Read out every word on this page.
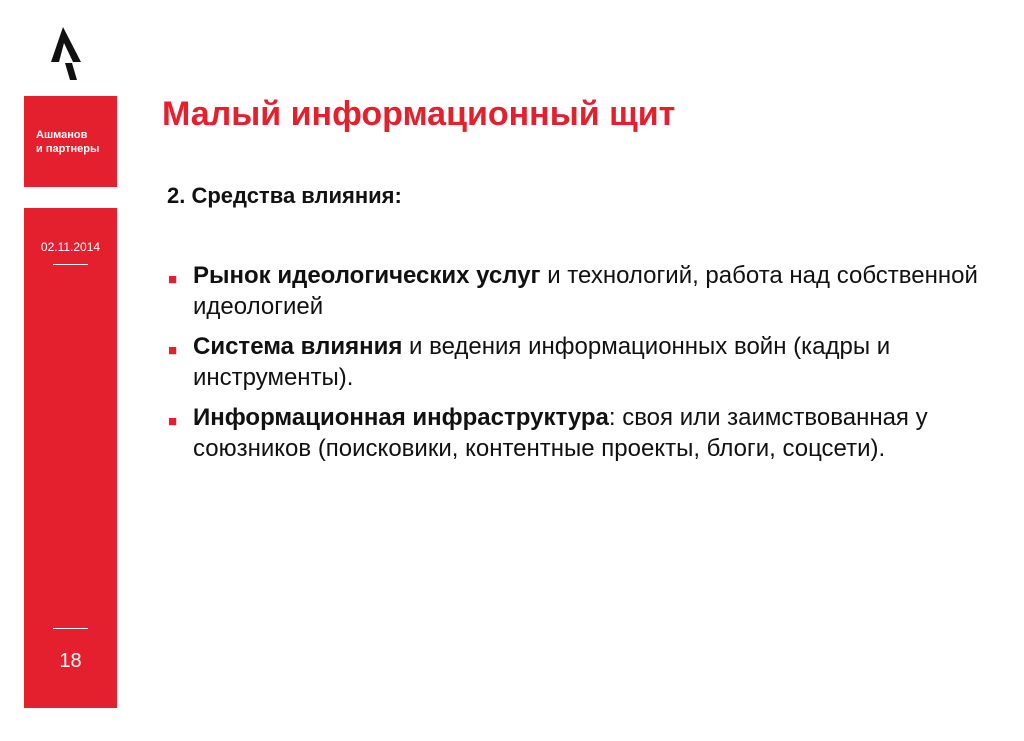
Ашманов
и партнеры
02.11.2014
18
Малый информационный щит
2. Средства влияния:
■ Рынок идеологических услуг и технологий, работа над собственной идеологией
■ Система влияния и ведения информационных войн (кадры и инструменты).
■ Информационная инфраструктура: своя или заимствованная у союзников (поисковики, контентные проекты, блоги, соцсети).
